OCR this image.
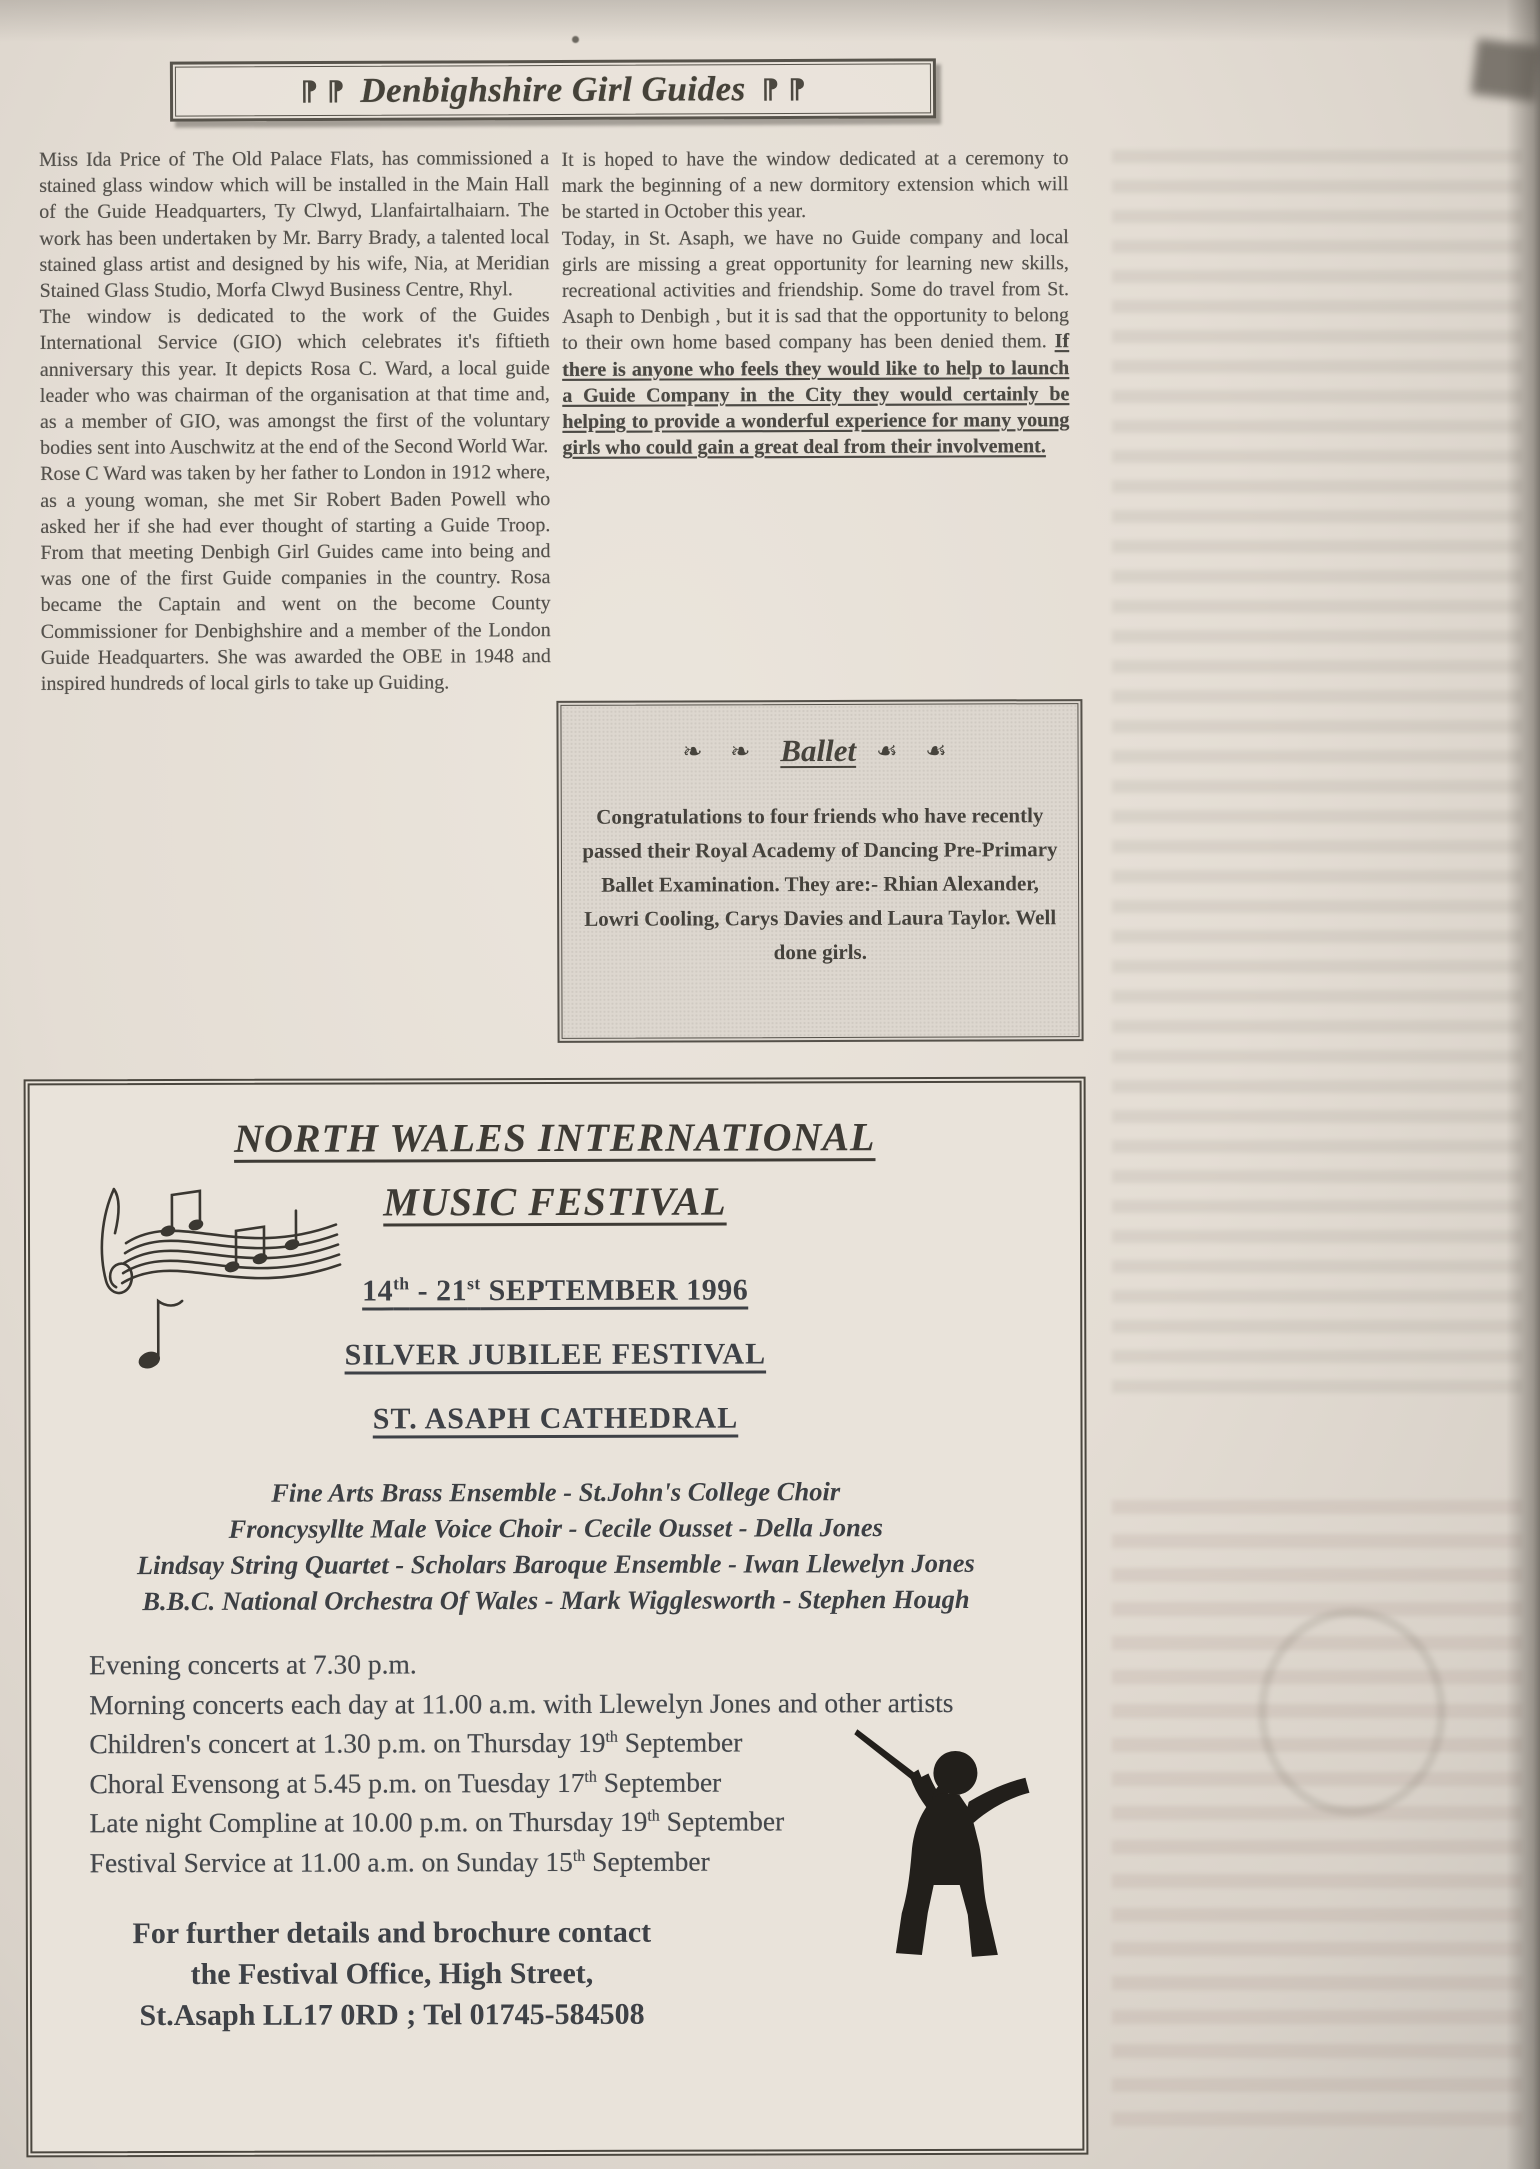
⁋ ⁋ Denbighshire Girl Guides ⁋ ⁋

Miss Ida Price of The Old Palace Flats, has commissioned a stained glass window which will be installed in the Main Hall of the Guide Headquarters, Ty Clwyd, Llanfairtalhaiarn. The work has been undertaken by Mr. Barry Brady, a talented local stained glass artist and designed by his wife, Nia, at Meridian Stained Glass Studio, Morfa Clwyd Business Centre, Rhyl.

The window is dedicated to the work of the Guides International Service (GIO) which celebrates it's fiftieth anniversary this year. It depicts Rosa C. Ward, a local guide leader who was chairman of the organisation at that time and, as a member of GIO, was amongst the first of the voluntary bodies sent into Auschwitz at the end of the Second World War.

Rose C Ward was taken by her father to London in 1912 where, as a young woman, she met Sir Robert Baden Powell who asked her if she had ever thought of starting a Guide Troop. From that meeting Denbigh Girl Guides came into being and was one of the first Guide companies in the country. Rosa became the Captain and went on the become County Commissioner for Denbighshire and a member of the London Guide Headquarters. She was awarded the OBE in 1948 and inspired hundreds of local girls to take up Guiding.

It is hoped to have the window dedicated at a ceremony to mark the beginning of a new dormitory extension which will be started in October this year.

Today, in St. Asaph, we have no Guide company and local girls are missing a great opportunity for learning new skills, recreational activities and friendship. Some do travel from St. Asaph to Denbigh , but it is sad that the opportunity to belong to their own home based company has been denied them. If there is anyone who feels they would like to help to launch a Guide Company in the City they would certainly be helping to provide a wonderful experience for many young girls who could gain a great deal from their involvement.

❧ ❧ Ballet ☙ ☙
Congratulations to four friends who have recently passed their Royal Academy of Dancing Pre-Primary Ballet Examination. They are:- Rhian Alexander, Lowri Cooling, Carys Davies and Laura Taylor. Well done girls.
NORTH WALES INTERNATIONAL
MUSIC FESTIVAL
14th - 21st SEPTEMBER 1996
SILVER JUBILEE FESTIVAL
ST. ASAPH CATHEDRAL
Fine Arts Brass Ensemble - St.John's College Choir
Froncysyllte Male Voice Choir - Cecile Ousset - Della Jones
Lindsay String Quartet - Scholars Baroque Ensemble - Iwan Llewelyn Jones
B.B.C. National Orchestra Of Wales - Mark Wigglesworth - Stephen Hough
Evening concerts at 7.30 p.m.
Morning concerts each day at 11.00 a.m. with Llewelyn Jones and other artists
Children's concert at 1.30 p.m. on Thursday 19th September
Choral Evensong at 5.45 p.m. on Tuesday 17th September
Late night Compline at 10.00 p.m. on Thursday 19th September
Festival Service at 11.00 a.m. on Sunday 15th September
For further details and brochure contact
the Festival Office, High Street,
St.Asaph LL17 0RD ; Tel 01745-584508
